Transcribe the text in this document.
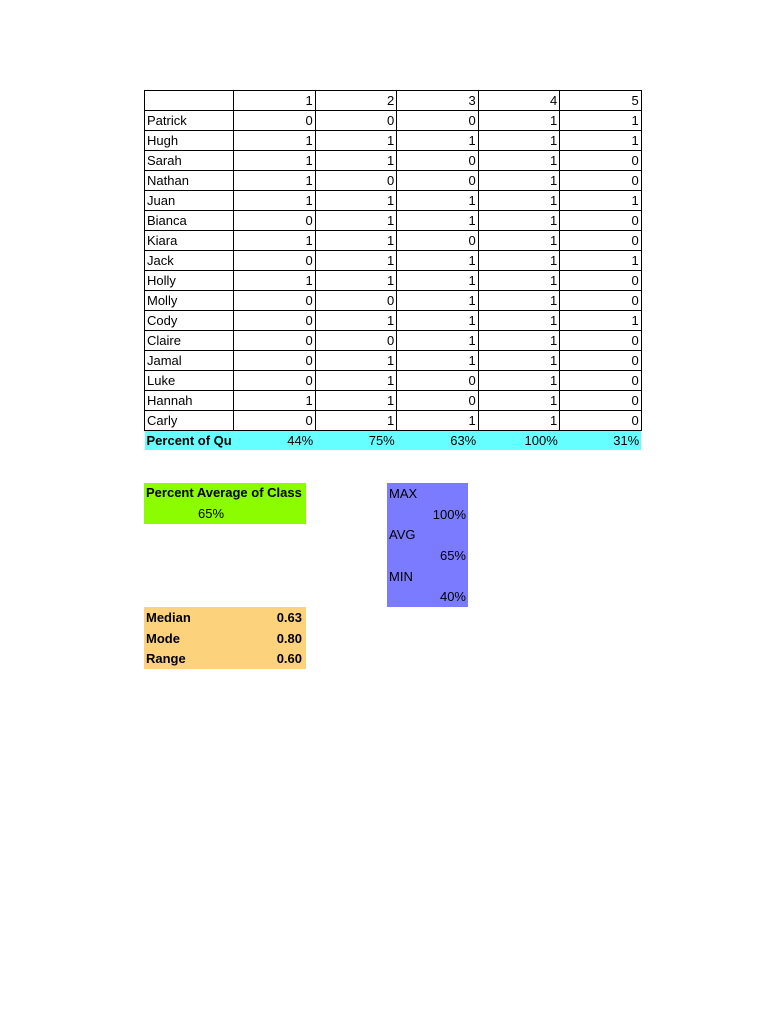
	1	2	3	4	5
Patrick	0	0	0	1	1
Hugh	1	1	1	1	1
Sarah	1	1	0	1	0
Nathan	1	0	0	1	0
Juan	1	1	1	1	1
Bianca	0	1	1	1	0
Kiara	1	1	0	1	0
Jack	0	1	1	1	1
Holly	1	1	1	1	0
Molly	0	0	1	1	0
Cody	0	1	1	1	1
Claire	0	0	1	1	0
Jamal	0	1	1	1	0
Luke	0	1	0	1	0
Hannah	1	1	0	1	0
Carly	0	1	1	1	0
Percent of Qu	44%	75%	63%	100%	31%
Percent Average of Class
65%
MAX
100%
AVG
65%
MIN
40%
Median	0.63
Mode	0.80
Range	0.60
